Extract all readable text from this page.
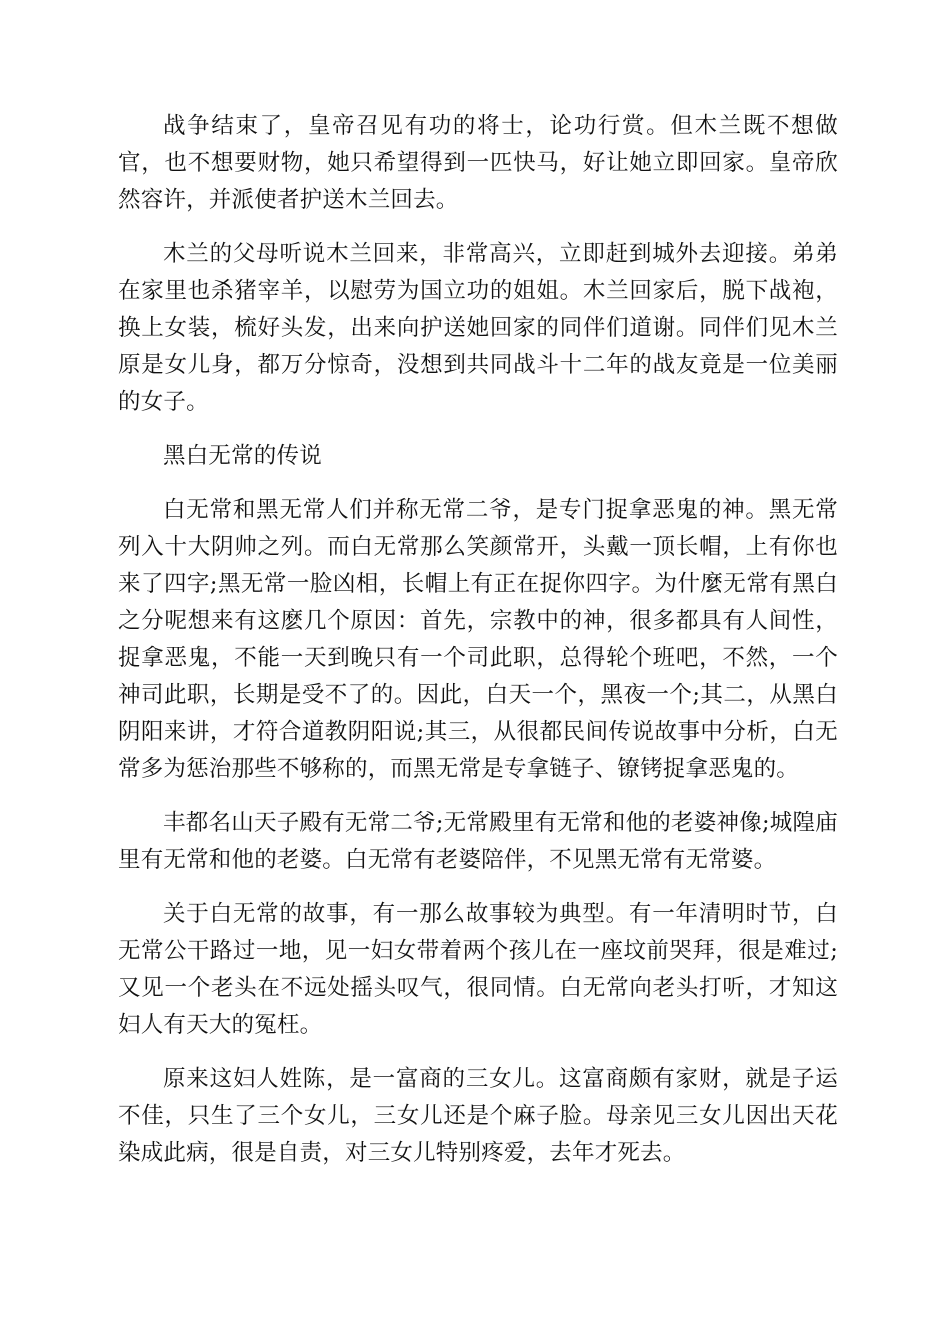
战争结束了，皇帝召见有功的将士，论功行赏。但木兰既不想做官，也不想要财物，她只希望得到一匹快马，好让她立即回家。皇帝欣然容许，并派使者护送木兰回去。

木兰的父母听说木兰回来，非常高兴，立即赶到城外去迎接。弟弟在家里也杀猪宰羊，以慰劳为国立功的姐姐。木兰回家后，脱下战袍，换上女装，梳好头发，出来向护送她回家的同伴们道谢。同伴们见木兰原是女儿身，都万分惊奇，没想到共同战斗十二年的战友竟是一位美丽的女子。

黑白无常的传说

白无常和黑无常人们并称无常二爷，是专门捉拿恶鬼的神。黑无常列入十大阴帅之列。而白无常那么笑颜常开，头戴一顶长帽，上有你也来了四字;黑无常一脸凶相，长帽上有正在捉你四字。为什麼无常有黑白之分呢想来有这麽几个原因：首先，宗教中的神，很多都具有人间性，捉拿恶鬼，不能一天到晚只有一个司此职，总得轮个班吧，不然，一个神司此职，长期是受不了的。因此，白天一个，黑夜一个;其二，从黑白阴阳来讲，才符合道教阴阳说;其三，从很都民间传说故事中分析，白无常多为惩治那些不够称的，而黑无常是专拿链子、镣铐捉拿恶鬼的。

丰都名山天子殿有无常二爷;无常殿里有无常和他的老婆神像;城隍庙里有无常和他的老婆。白无常有老婆陪伴，不见黑无常有无常婆。

关于白无常的故事，有一那么故事较为典型。有一年清明时节，白无常公干路过一地，见一妇女带着两个孩儿在一座坟前哭拜，很是难过;又见一个老头在不远处摇头叹气，很同情。白无常向老头打听，才知这妇人有天大的冤枉。

原来这妇人姓陈，是一富商的三女儿。这富商颇有家财，就是子运不佳，只生了三个女儿，三女儿还是个麻子脸。母亲见三女儿因出天花染成此病，很是自责，对三女儿特别疼爱，去年才死去。
